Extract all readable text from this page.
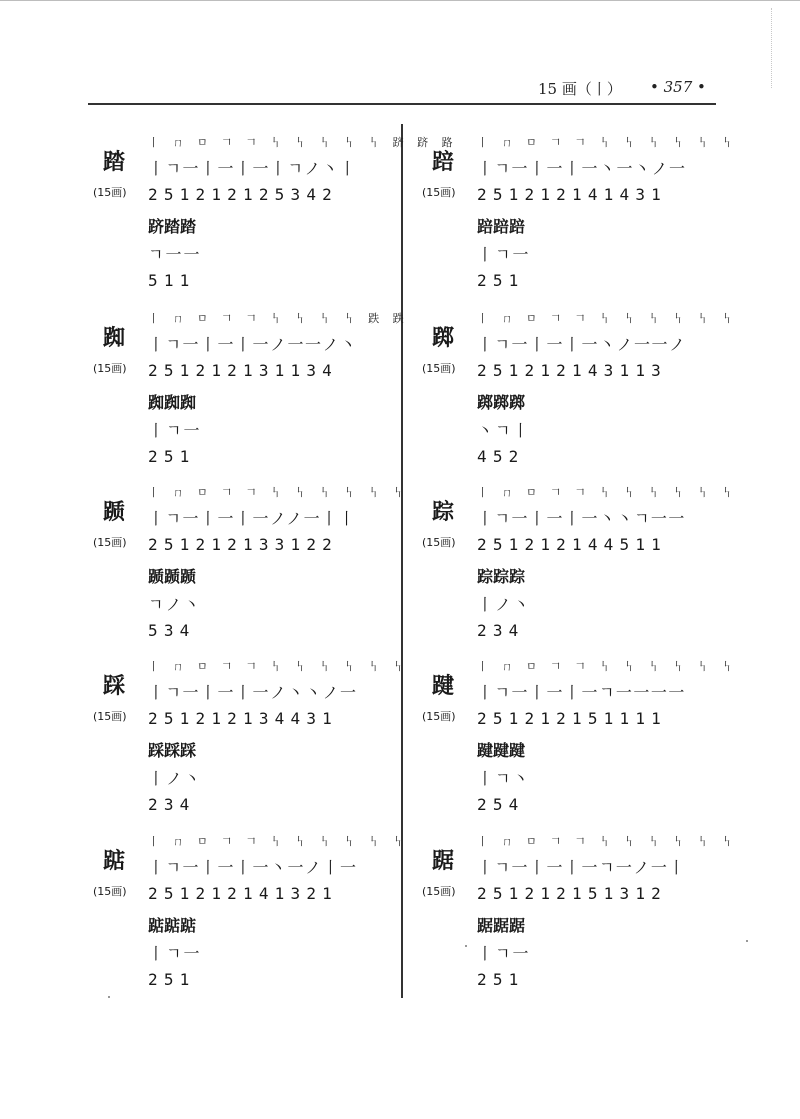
15 画（丨） • 357 •
踏
(15画)
丨 ㄇ ㅁ 𠃍 𠃍 𠃑 𠃑 𠃑 𠃑 𠃑 跻 跻 路
丨ㄱ一丨一丨一丨ㄱノ丶丨
251212125342
跻踏踏
ㄱ一一
511
踟
(15画)
丨 ㄇ ㅁ 𠃍 𠃍 𠃑 𠃑 𠃑 𠃑 跌 跌
丨ㄱ一丨一丨一ノ一一ノ丶
251212131134
踟踟踟
丨ㄱ一
251
踬
(15画)
丨 ㄇ ㅁ 𠃍 𠃍 𠃑 𠃑 𠃑 𠃑 𠃑 𠃑
丨ㄱ一丨一丨一ノノ一丨丨
251212133122
踬踬踬
ㄱノ丶
534
踩
(15画)
丨 ㄇ ㅁ 𠃍 𠃍 𠃑 𠃑 𠃑 𠃑 𠃑 𠃑
丨ㄱ一丨一丨一ノ丶丶ノ一
251212134431
踩踩踩
丨ノ丶
234
踮
(15画)
丨 ㄇ ㅁ 𠃍 𠃍 𠃑 𠃑 𠃑 𠃑 𠃑 𠃑
丨ㄱ一丨一丨一丶一ノ丨一
251212141321
踮踮踮
丨ㄱ一
251
踣
(15画)
丨 ㄇ ㅁ 𠃍 𠃍 𠃑 𠃑 𠃑 𠃑 𠃑 𠃑
丨ㄱ一丨一丨一丶一丶ノ一
251212141431
踣踣踣
丨ㄱ一
251
踯
(15画)
丨 ㄇ ㅁ 𠃍 𠃍 𠃑 𠃑 𠃑 𠃑 𠃑 𠃑
丨ㄱ一丨一丨一丶ノ一一ノ
251212143113
踯踯踯
丶ㄱ丨
452
踪
(15画)
丨 ㄇ ㅁ 𠃍 𠃍 𠃑 𠃑 𠃑 𠃑 𠃑 𠃑
丨ㄱ一丨一丨一丶丶ㄱ一一
251212144511
踪踪踪
丨ノ丶
234
踺
(15画)
丨 ㄇ ㅁ 𠃍 𠃍 𠃑 𠃑 𠃑 𠃑 𠃑 𠃑
丨ㄱ一丨一丨一ㄱ一一一一
251212151111
踺踺踺
丨ㄱ丶
254
踞
(15画)
丨 ㄇ ㅁ 𠃍 𠃍 𠃑 𠃑 𠃑 𠃑 𠃑 𠃑
丨ㄱ一丨一丨一ㄱ一ノ一丨
251212151312
踞踞踞
丨ㄱ一
251
